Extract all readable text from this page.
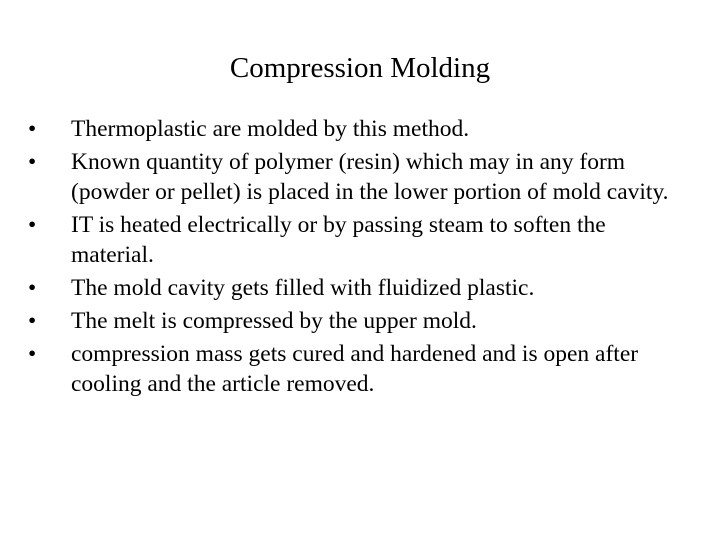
Compression Molding
•	Thermoplastic are molded by this method.
•	Known quantity of polymer (resin) which may in any form (powder or pellet) is placed in the lower portion of mold cavity.
•	IT is heated electrically or by passing steam to soften the material.
•	The mold cavity gets filled with fluidized plastic.
•	The melt is compressed by the upper mold.
•	compression mass gets cured and hardened and is open after cooling and the article removed.
